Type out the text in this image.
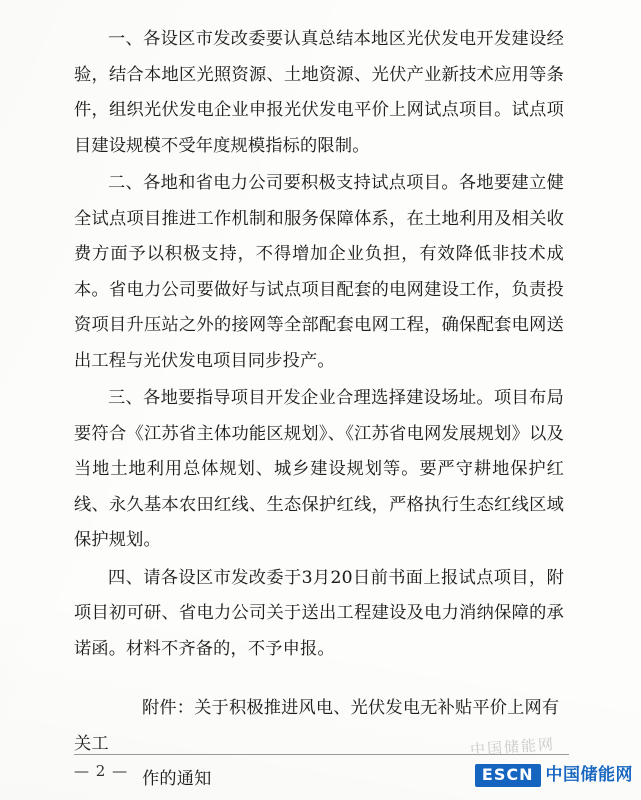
一、各设区市发改委要认真总结本地区光伏发电开发建设经验，结合本地区光照资源、土地资源、光伏产业新技术应用等条件，组织光伏发电企业申报光伏发电平价上网试点项目。试点项目建设规模不受年度规模指标的限制。

二、各地和省电力公司要积极支持试点项目。各地要建立健全试点项目推进工作机制和服务保障体系，在土地利用及相关收费方面予以积极支持，不得增加企业负担，有效降低非技术成本。省电力公司要做好与试点项目配套的电网建设工作，负责投资项目升压站之外的接网等全部配套电网工程，确保配套电网送出工程与光伏发电项目同步投产。

三、各地要指导项目开发企业合理选择建设场址。项目布局要符合《江苏省主体功能区规划》、《江苏省电网发展规划》以及当地土地利用总体规划、城乡建设规划等。要严守耕地保护红线、永久基本农田红线、生态保护红线，严格执行生态红线区域保护规划。

四、请各设区市发改委于3月20日前书面上报试点项目，附项目初可研、省电力公司关于送出工程建设及电力消纳保障的承诺函。材料不齐备的，不予申报。

附件：关于积极推进风电、光伏发电无补贴平价上网有关工

作的通知

— 2 —
中国储能网
ESCN 中国储能网
